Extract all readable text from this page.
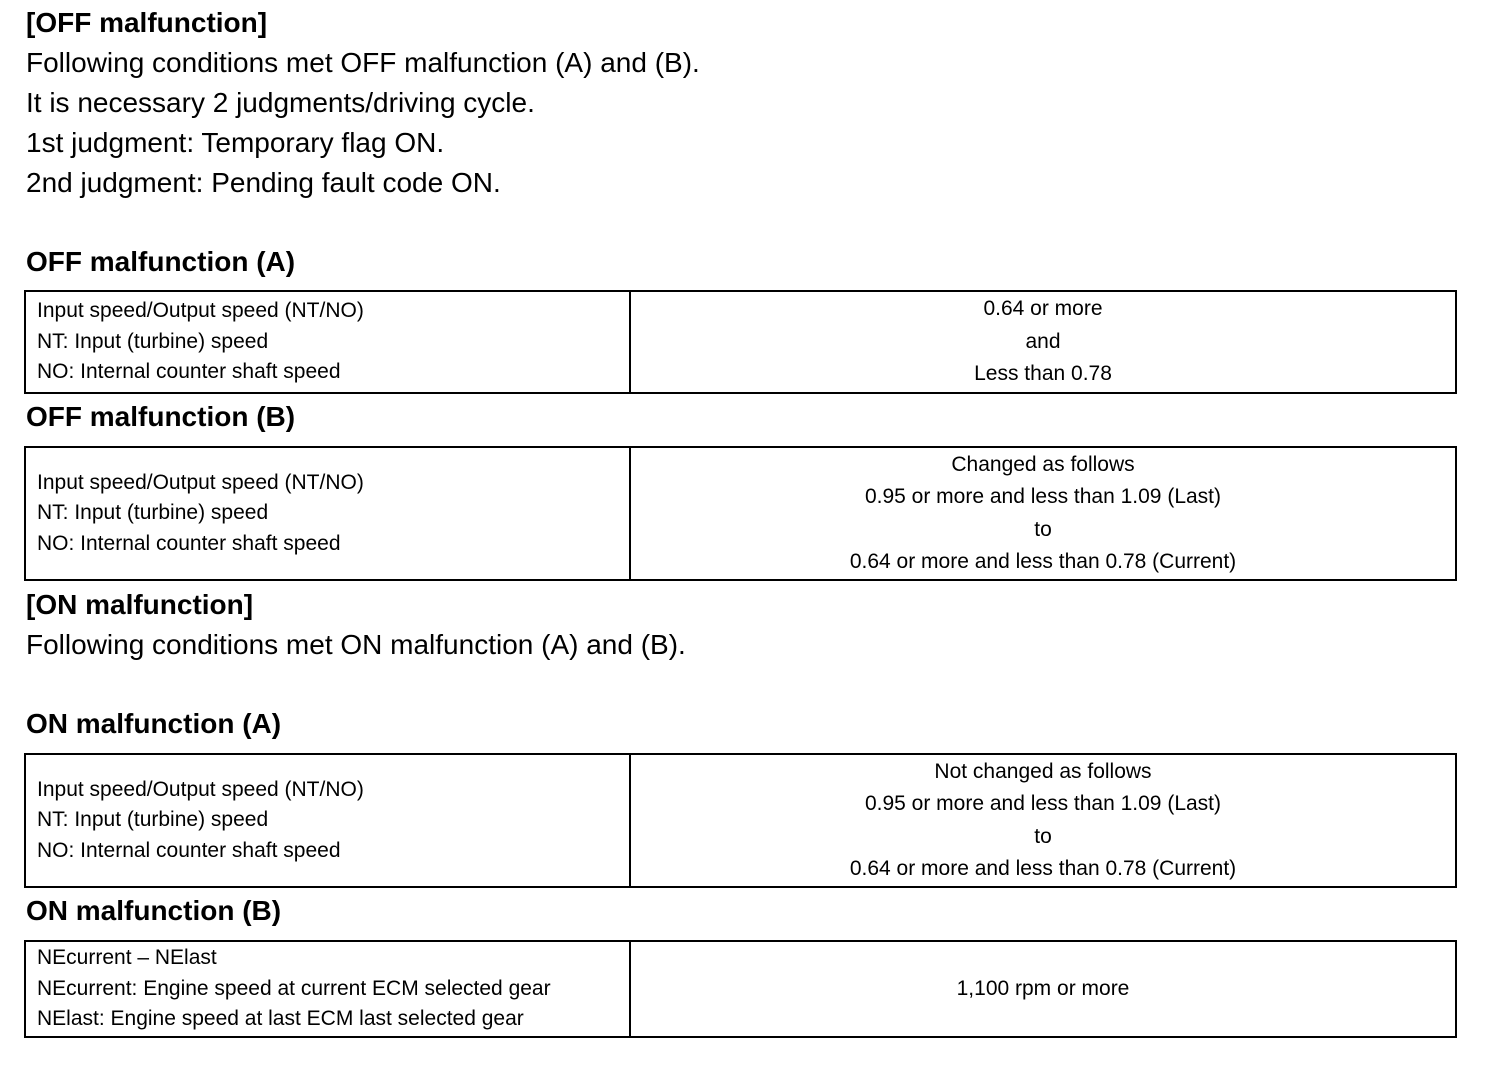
[OFF malfunction]
Following conditions met OFF malfunction (A) and (B).
It is necessary 2 judgments/driving cycle.
1st judgment: Temporary flag ON.
2nd judgment: Pending fault code ON.
OFF malfunction (A)
Input speed/Output speed (NT/NO)
NT: Input (turbine) speed
NO: Internal counter shaft speed
0.64 or more
and
Less than 0.78
OFF malfunction (B)
Input speed/Output speed (NT/NO)
NT: Input (turbine) speed
NO: Internal counter shaft speed
Changed as follows
0.95 or more and less than 1.09 (Last)
to
0.64 or more and less than 0.78 (Current)
[ON malfunction]
Following conditions met ON malfunction (A) and (B).
ON malfunction (A)
Input speed/Output speed (NT/NO)
NT: Input (turbine) speed
NO: Internal counter shaft speed
Not changed as follows
0.95 or more and less than 1.09 (Last)
to
0.64 or more and less than 0.78 (Current)
ON malfunction (B)
NEcurrent – NElast
NEcurrent: Engine speed at current ECM selected gear
NElast: Engine speed at last ECM last selected gear
1,100 rpm or more
